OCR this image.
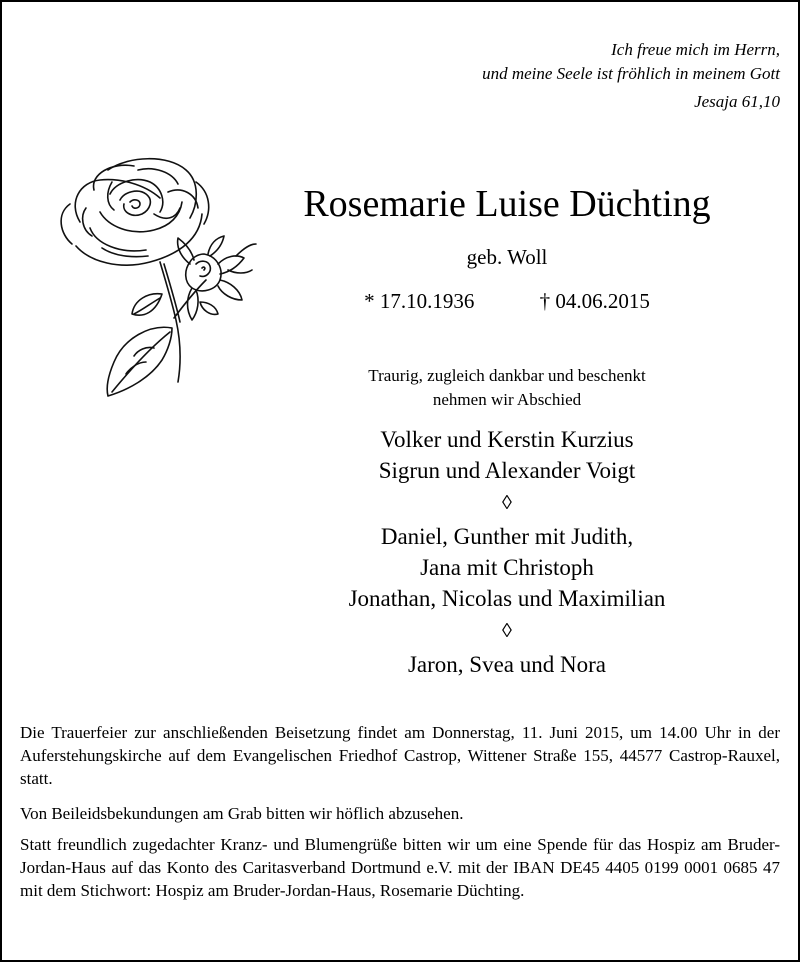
Ich freue mich im Herrn,
und meine Seele ist fröhlich in meinem Gott
Jesaja 61,10
Rosemarie Luise Düchting
geb. Woll
* 17.10.1936	† 04.06.2015
Traurig, zugleich dankbar und beschenkt
nehmen wir Abschied
Volker und Kerstin Kurzius
Sigrun und Alexander Voigt
◊
Daniel, Gunther mit Judith,
Jana mit Christoph
Jonathan, Nicolas und Maximilian
◊
Jaron, Svea und Nora

Die Trauerfeier zur anschließenden Beisetzung findet am Donnerstag, 11. Juni 2015, um 14.00 Uhr in der Auferstehungskirche auf dem Evangelischen Friedhof Castrop, Wittener Straße 155, 44577 Castrop-Rauxel, statt.

Von Beileidsbekundungen am Grab bitten wir höflich abzusehen.

Statt freundlich zugedachter Kranz- und Blumengrüße bitten wir um eine Spende für das Hospiz am Bruder-Jordan-Haus auf das Konto des Caritasverband Dortmund e.V. mit der IBAN DE45 4405 0199 0001 0685 47 mit dem Stichwort: Hospiz am Bruder-Jordan-Haus, Rosemarie Düchting.
